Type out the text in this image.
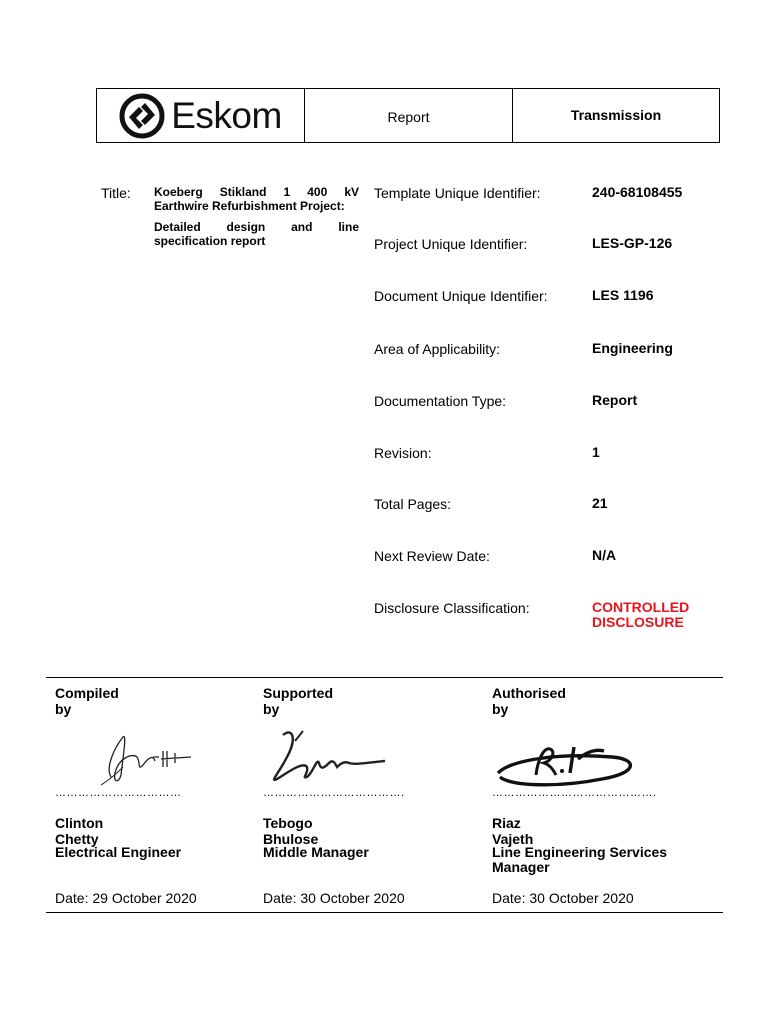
Eskom	Report	Transmission
Title: Koeberg Stikland 1 400 kV Earthwire Refurbishment Project:

Detailed design and line specification report

Template Unique Identifier:	240-68108455
Project Unique Identifier:	LES-GP-126
Document Unique Identifier:	LES 1196
Area of Applicability:	Engineering
Documentation Type:	Report
Revision:	1
Total Pages:	21
Next Review Date:	N/A
Disclosure Classification:	CONTROLLED DISCLOSURE
Compiled by
……………………………
Clinton Chetty
Electrical Engineer
Date: 29 October 2020
Supported by
……………………………….
Tebogo Bhulose
Middle Manager
Date: 30 October 2020
Authorised by
…………………………………….
Riaz Vajeth
Line Engineering Services Manager
Date: 30 October 2020
